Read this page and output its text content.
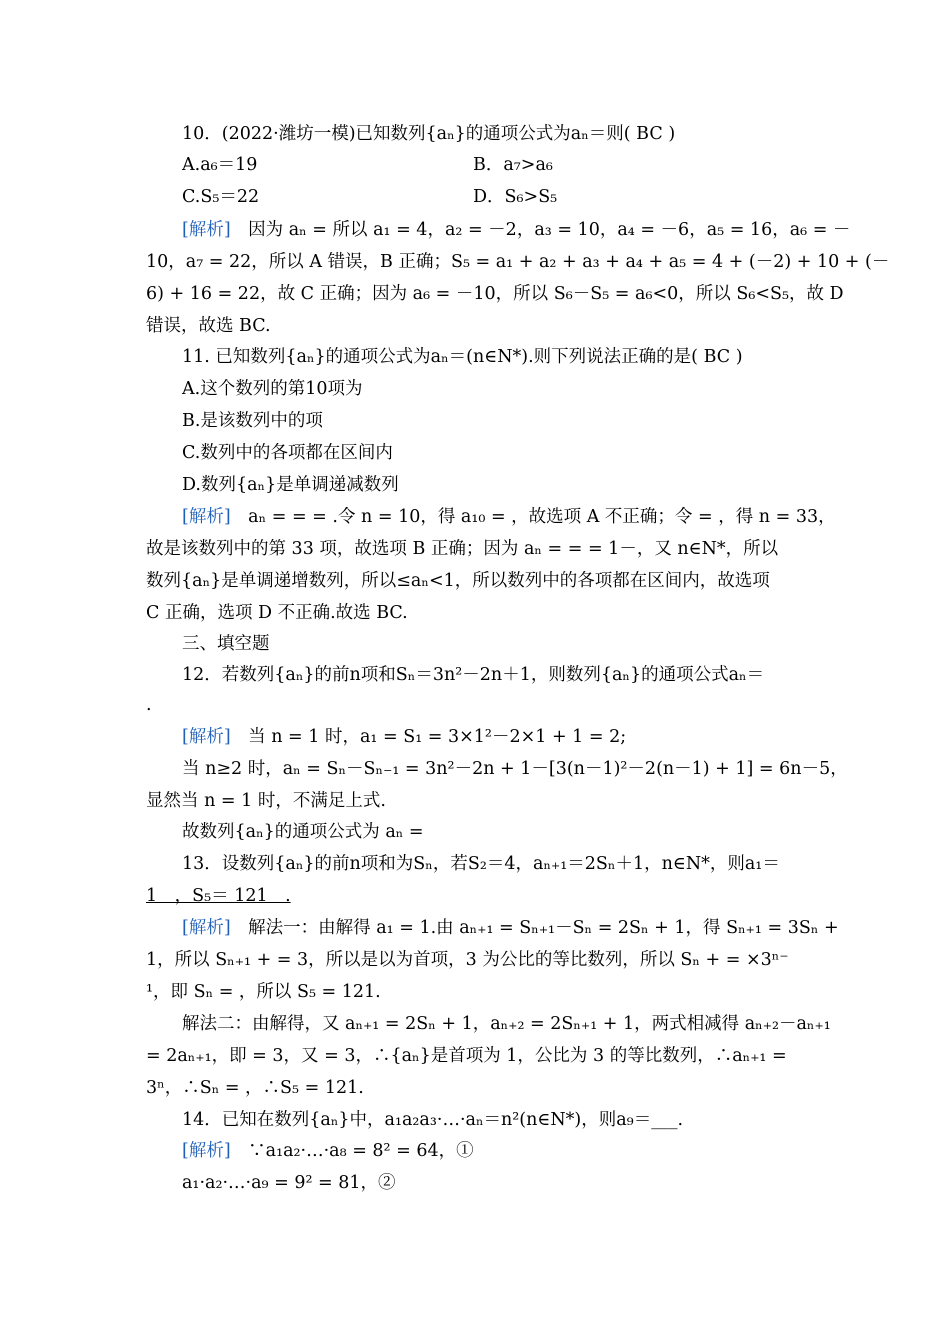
10．(2022·潍坊一模)已知数列{aₙ}的通项公式为aₙ＝则( BC )
A.a₆＝19	B．a₇>a₆
C.S₅＝22	D．S₆>S₅
[解析]　因为 aₙ = 所以 a₁ = 4，a₂ = －2，a₃ = 10，a₄ = －6，a₅ = 16，a₆ = －
10，a₇ = 22，所以 A 错误，B 正确；S₅ = a₁ + a₂ + a₃ + a₄ + a₅ = 4 + (－2) + 10 + (－
6) + 16 = 22，故 C 正确；因为 a₆ = －10，所以 S₆－S₅ = a₆<0，所以 S₆<S₅，故 D
错误，故选 BC.
11. 已知数列{aₙ}的通项公式为aₙ＝(n∈N*).则下列说法正确的是( BC )
A.这个数列的第10项为
B.是该数列中的项
C.数列中的各项都在区间内
D.数列{aₙ}是单调递减数列
[解析]　aₙ = = = .令 n = 10，得 a₁₀ = ，故选项 A 不正确；令 = ，得 n = 33，
故是该数列中的第 33 项，故选项 B 正确；因为 aₙ = = = 1－，又 n∈N*，所以
数列{aₙ}是单调递增数列，所以≤aₙ<1，所以数列中的各项都在区间内，故选项
C 正确，选项 D 不正确.故选 BC.
三、填空题
12．若数列{aₙ}的前n项和Sₙ＝3n²－2n＋1，则数列{aₙ}的通项公式aₙ＝
.
[解析]　当 n = 1 时，a₁ = S₁ = 3×1²－2×1 + 1 = 2;
当 n≥2 时，aₙ = Sₙ－Sₙ₋₁ = 3n²－2n + 1－[3(n－1)²－2(n－1) + 1] = 6n－5，
显然当 n = 1 时，不满足上式.
故数列{aₙ}的通项公式为 aₙ =
13．设数列{aₙ}的前n项和为Sₙ，若S₂＝4，aₙ₊₁＝2Sₙ＋1，n∈N*，则a₁＝
1　，S₅＝ 121　.
[解析]　解法一：由解得 a₁ = 1.由 aₙ₊₁ = Sₙ₊₁－Sₙ = 2Sₙ + 1，得 Sₙ₊₁ = 3Sₙ +
1，所以 Sₙ₊₁ + = 3，所以是以为首项，3 为公比的等比数列，所以 Sₙ + = ×3ⁿ⁻
¹，即 Sₙ = ，所以 S₅ = 121.
解法二：由解得，又 aₙ₊₁ = 2Sₙ + 1，aₙ₊₂ = 2Sₙ₊₁ + 1，两式相减得 aₙ₊₂－aₙ₊₁
= 2aₙ₊₁，即 = 3，又 = 3，∴{aₙ}是首项为 1，公比为 3 的等比数列，∴aₙ₊₁ =
3ⁿ，∴Sₙ = ，∴S₅ = 121.
14．已知在数列{aₙ}中，a₁a₂a₃·…·aₙ＝n²(n∈N*)，则a₉＝___.
[解析]　∵a₁a₂·…·a₈ = 8² = 64，①
a₁·a₂·…·a₉ = 9² = 81，②
